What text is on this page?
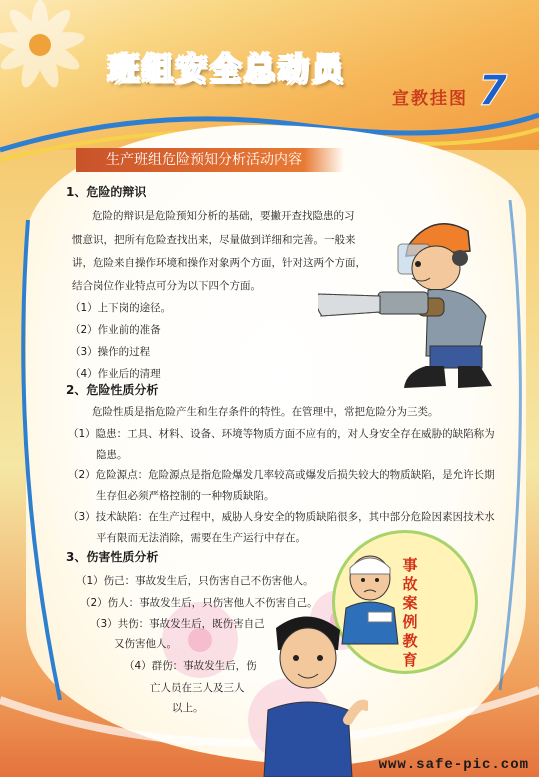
班组安全总动员
宣教挂图 7
生产班组危险预知分析活动内容
1、危险的辩识
危险的辩识是危险预知分析的基础，要撇开查找隐患的习
惯意识，把所有危险查找出来，尽量做到详细和完善。一般来
讲，危险来自操作环境和操作对象两个方面，针对这两个方面，
结合岗位作业特点可分为以下四个方面。
（1）上下岗的途径。
（2）作业前的准备
（3）操作的过程
（4）作业后的清理
2、危险性质分析
危险性质是指危险产生和生存条件的特性。在管理中，常把危险分为三类。
（1）隐患：工具、材料、设备、环境等物质方面不应有的，对人身安全存在威胁的缺陷称为
隐患。
（2）危险源点：危险源点是指危险爆发几率较高或爆发后损失较大的物质缺陷，是允许长期
生存但必须严格控制的一种物质缺陷。
（3）技术缺陷：在生产过程中，威胁人身安全的物质缺陷很多，其中部分危险因素因技术水
平有限而无法消除，需要在生产运行中存在。
3、伤害性质分析
（1）伤己：事故发生后，只伤害自己不伤害他人。
（2）伤人：事故发生后，只伤害他人不伤害自己。
（3）共伤：事故发生后，既伤害自己
又伤害他人。
（4）群伤：事故发生后，伤
亡人员在三人及三人
以上。
事故案例教育
www.safe-pic.com
